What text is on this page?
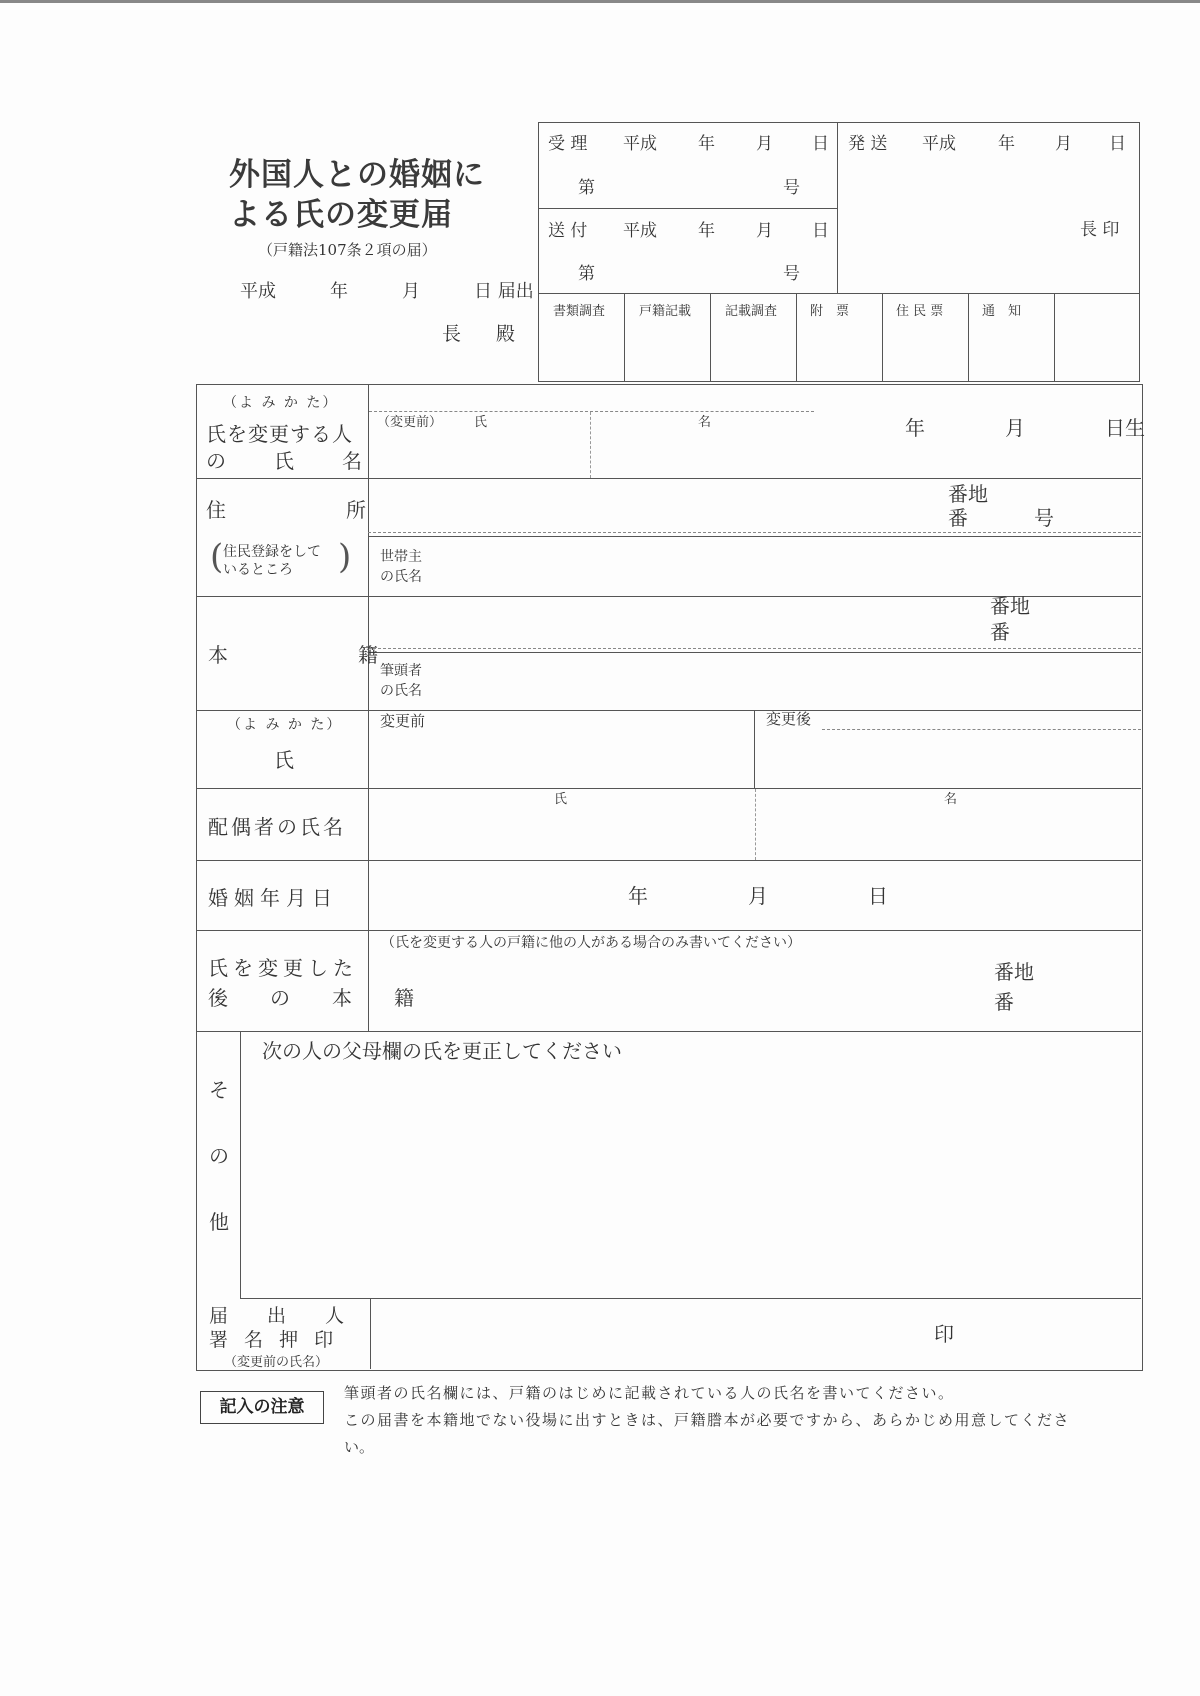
外国人との婚姻に
よる氏の変更届
（戸籍法107条２項の届）
平成　　　年　　　月　　　日 届出
長　殿
受 理 平成 年 月 日
第	号
送 付 平成 年 月 日
第	号
発 送 平成 年 月 日
長 印
書類調査	戸籍記載	記載調査	附　票	住 民 票	通　知
（よ み か た）
氏を変更する人
の　氏　名
（変更前） 氏	名	年　　　　月　　　　日生
住　　　　所
(	)
住民登録をして
いるところ
番地
番	号
世帯主
の氏名
本　　　　籍
番地
番
筆頭者
の氏名
（よ み か た）
氏
変更前	変更後
配偶者の氏名
氏	名
婚姻年月日	年　　　　　月　　　　　日
（氏を変更する人の戸籍に他の人がある場合のみ書いてください）
氏を変更した
後　の　本　籍
番地
番
そ
の
他
次の人の父母欄の氏を更正してください
届　出　人
署 名 押 印
（変更前の氏名）
印
記入の注意
筆頭者の氏名欄には、戸籍のはじめに記載されている人の氏名を書いてください。
この届書を本籍地でない役場に出すときは、戸籍謄本が必要ですから、あらかじめ用意してくださ
い。
